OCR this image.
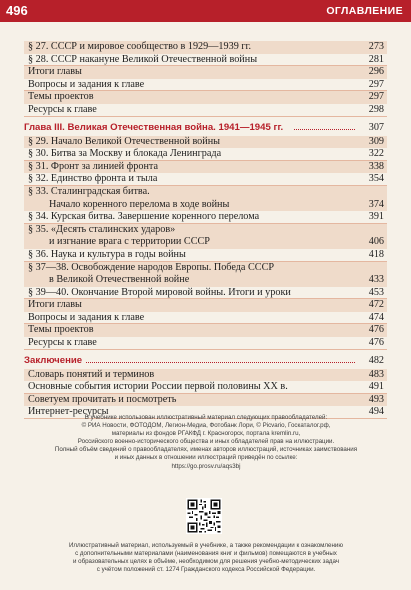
496	ОГЛАВЛЕНИЕ
§ 27. СССР и мировое сообщество в 1929—1939 гг.	273
§ 28. СССР накануне Великой Отечественной войны	281
Итоги главы	296
Вопросы и задания к главе	297
Темы проектов	297
Ресурсы к главе	298
Глава III. Великая Отечественная война. 1941—1945 гг.	307
§ 29. Начало Великой Отечественной войны	309
§ 30. Битва за Москву и блокада Ленинграда	322
§ 31. Фронт за линией фронта	338
§ 32. Единство фронта и тыла	354
§ 33. Сталинградская битва.
Начало коренного перелома в ходе войны	374
§ 34. Курская битва. Завершение коренного перелома	391
§ 35. «Десять сталинских ударов»
и изгнание врага с территории СССР	406
§ 36. Наука и культура в годы войны	418
§ 37—38. Освобождение народов Европы. Победа СССР
в Великой Отечественной войне	433
§ 39—40. Окончание Второй мировой войны. Итоги и уроки	453
Итоги главы	472
Вопросы и задания к главе	474
Темы проектов	476
Ресурсы к главе	476
Заключение	482
Словарь понятий и терминов	483
Основные события истории России первой половины XX в.	491
Советуем прочитать и посмотреть	493
Интернет-ресурсы	494
В учебнике использован иллюстративный материал следующих правообладателей:
© РИА Новости, ФОТОДОМ, Легион-Медиа, Фотобанк Лори, © Picvario, Госкаталог.рф,
материалы из фондов РГАКФД г. Красногорск, портала kremlin.ru,
Российского военно-исторического общества и иных обладателей прав на иллюстрации.
Полный объём сведений о правообладателях, именах авторов иллюстраций, источниках заимствования
и иных данных в отношении иллюстраций приведён по ссылке:
https://go.prosv.ru/aqs3bj
Иллюстративный материал, используемый в учебнике, а также рекомендации к ознакомлению
с дополнительными материалами (наименования книг и фильмов) помещаются в учебных
и образовательных целях в объёме, необходимом для решения учебно-методических задач
с учётом положений ст. 1274 Гражданского кодекса Российской Федерации.
